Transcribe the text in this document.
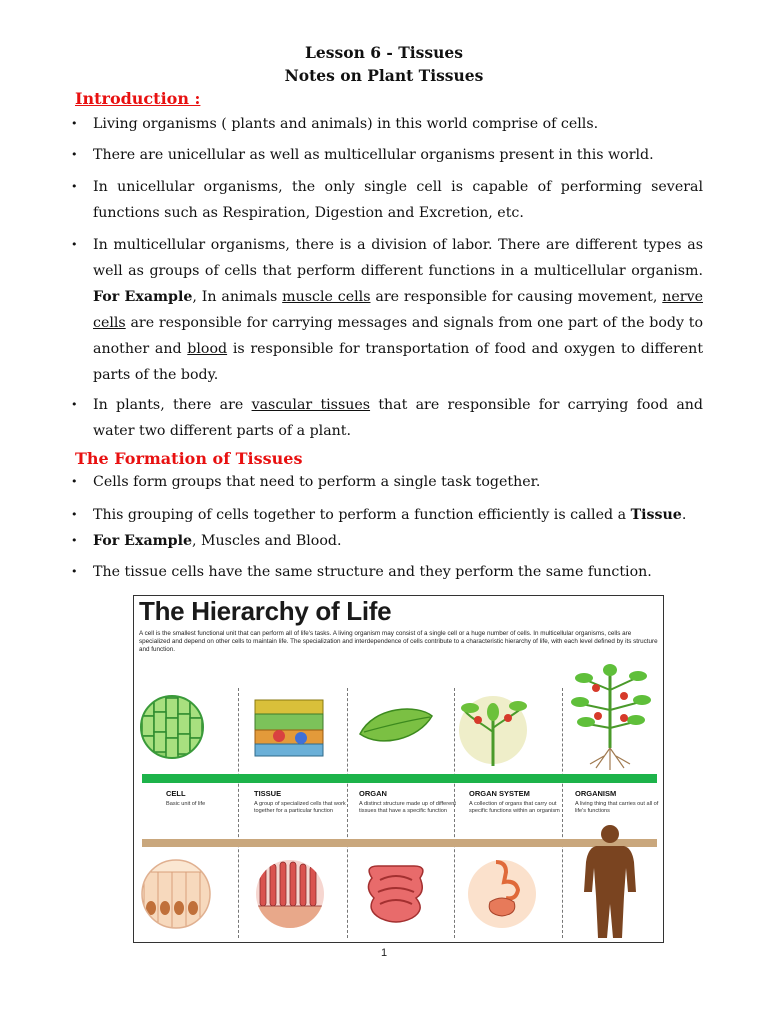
Lesson 6 - Tissues
Notes on Plant Tissues
Introduction :
• Living organisms ( plants and animals) in this world comprise of cells.
• There are unicellular as well as multicellular organisms present in this world.
• In unicellular organisms, the only single cell is capable of performing several functions such as Respiration, Digestion and Excretion, etc.
• In multicellular organisms, there is a division of labor. There are different types as well as groups of cells that perform different functions in a multicellular organism. For Example, In animals muscle cells are responsible for causing movement, nerve cells are responsible for carrying messages and signals from one part of the body to another and blood is responsible for transportation of food and oxygen to different parts of the body.
• In plants, there are vascular tissues that are responsible for carrying food and water two different parts of a plant.
The Formation of Tissues
• Cells form groups that need to perform a single task together.
• This grouping of cells together to perform a function efficiently is called a Tissue.
• For Example, Muscles and Blood.
• The tissue cells have the same structure and they perform the same function.
The Hierarchy of Life
A cell is the smallest functional unit that can perform all of life's tasks. A living organism may consist of a single cell or a huge number of cells. In multicellular organisms, cells are specialized and depend on other cells to maintain life. The specialization and interdependence of cells contribute to a characteristic hierarchy of life, with each level defined by its structure and function.
CELL
Basic unit of life
TISSUE
A group of specialized cells that work together for a particular function
ORGAN
A distinct structure made up of different tissues that have a specific function
ORGAN SYSTEM
A collection of organs that carry out specific functions within an organism
ORGANISM
A living thing that carries out all of life's functions
1
